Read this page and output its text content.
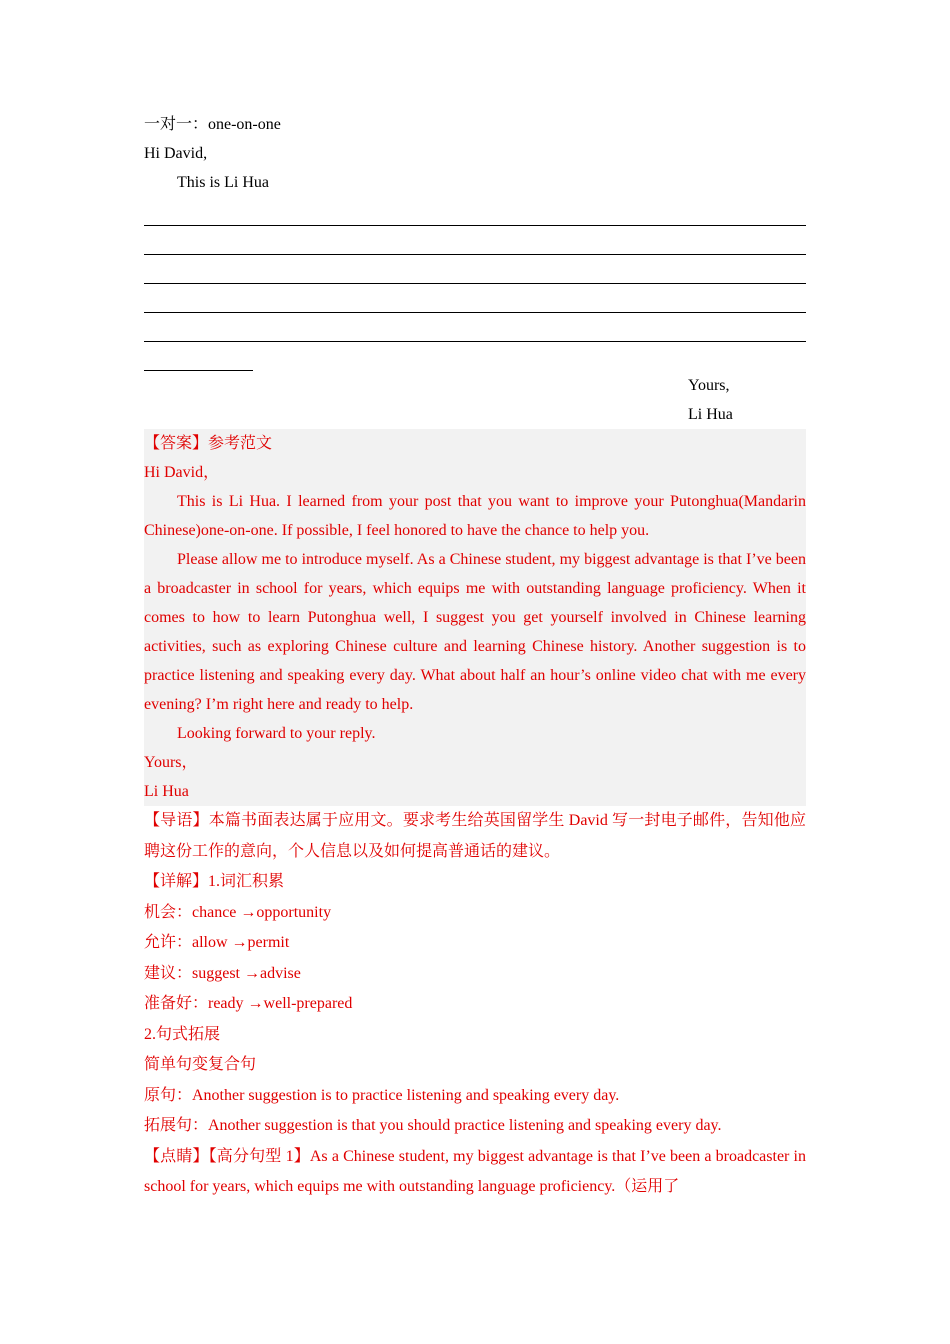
一对一：one-on-one
Hi David,
This is Li Hua
Yours,
Li Hua
【答案】参考范文
Hi David，
This is Li Hua. I learned from your post that you want to improve your Putonghua(Mandarin Chinese)one-on-one. If possible, I feel honored to have the chance to help you.
Please allow me to introduce myself. As a Chinese student, my biggest advantage is that I’ve been a broadcaster in school for years, which equips me with outstanding language proficiency. When it comes to how to learn Putonghua well, I suggest you get yourself involved in Chinese learning activities, such as exploring Chinese culture and learning Chinese history. Another suggestion is to practice listening and speaking every day. What about half an hour’s online video chat with me every evening? I’m right here and ready to help.
Looking forward to your reply.
Yours，
Li Hua
【导语】本篇书面表达属于应用文。要求考生给英国留学生 David 写一封电子邮件，告知他应聘这份工作的意向，个人信息以及如何提高普通话的建议。
【详解】1.词汇积累
机会：chance →opportunity
允许：allow →permit
建议：suggest →advise
准备好：ready →well-prepared
2.句式拓展
简单句变复合句
原句：Another suggestion is to practice listening and speaking every day.
拓展句：Another suggestion is that you should practice listening and speaking every day.
【点睛】【高分句型 1】As a Chinese student, my biggest advantage is that I’ve been a broadcaster in school for years, which equips me with outstanding language proficiency.（运用了
